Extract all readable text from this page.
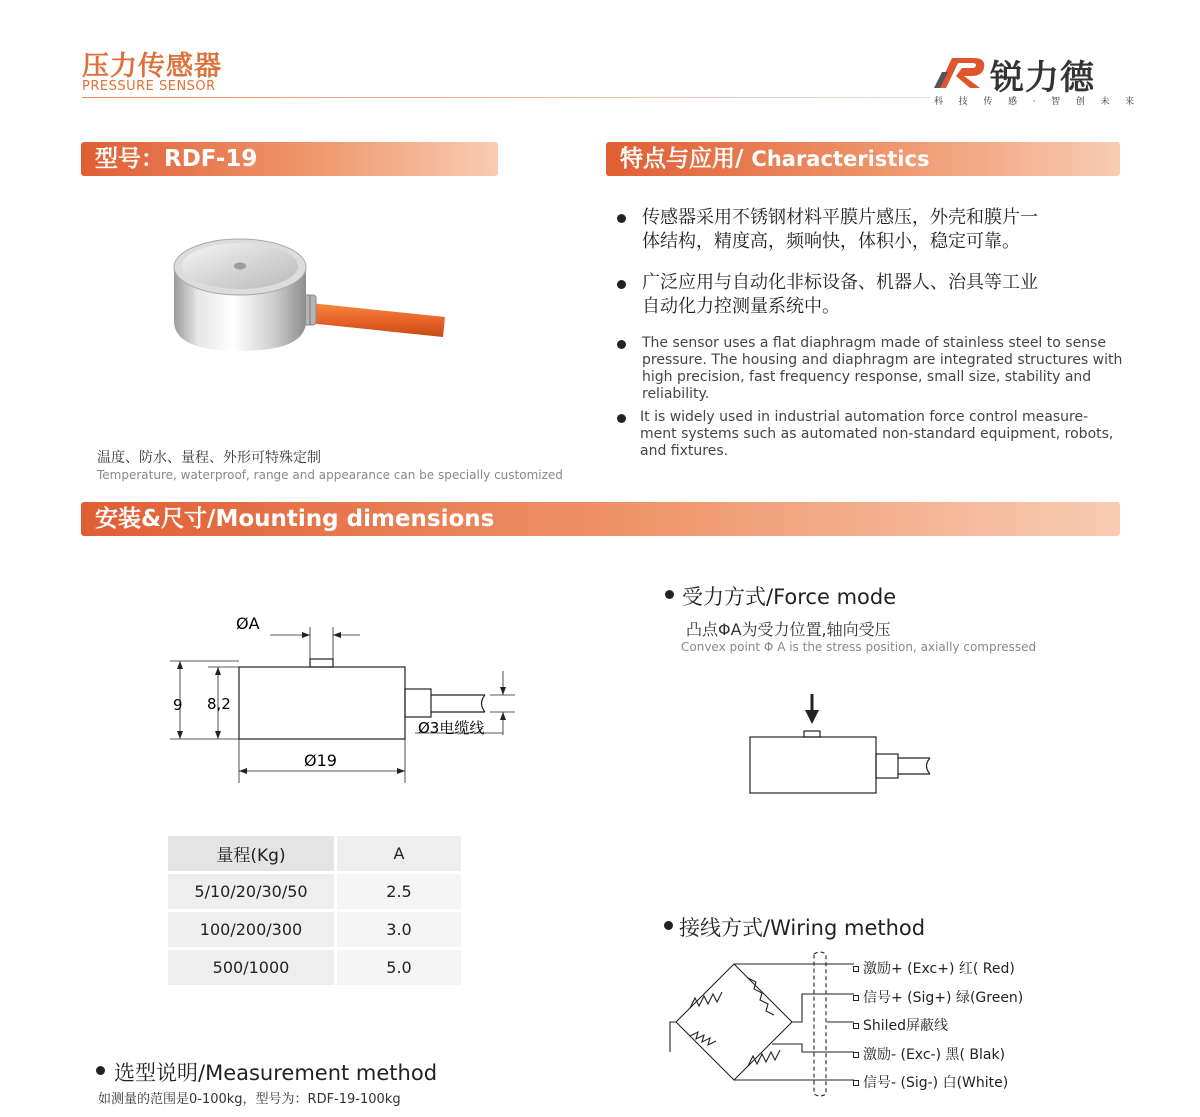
压力传感器
PRESSURE SENSOR	锐力德
科 技 传 感 · 智 创 未 来
型号：RDF-19	特点与应用/ Characteristics
安装&尺寸/Mounting dimensions
温度、防水、量程、外形可特殊定制
Temperature, waterproof, range and appearance can be specially customized
传感器采用不锈钢材料平膜片感压，外壳和膜片一
体结构，精度高，频响快，体积小，稳定可靠。
广泛应用与自动化非标设备、机器人、治具等工业
自动化力控测量系统中。
The sensor uses a flat diaphragm made of stainless steel to sense
pressure. The housing and diaphragm are integrated structures with
high precision, fast frequency response, small size, stability and
reliability.
It is widely used in industrial automation force control measure-
ment systems such as automated non-standard equipment, robots,
and fixtures.
ØA
9 8,2
Ø3电缆线
Ø19
量程(Kg)	A
5/10/20/30/50	2.5
100/200/300	3.0
500/1000	5.0
受力方式/Force mode
凸点ΦA为受力位置,轴向受压
Convex point Φ A is the stress position, axially compressed
接线方式/Wiring method
激励+ (Exc+) 红( Red)
信号+ (Sig+) 绿(Green)
Shiled屏蔽线
激励- (Exc-) 黑( Blak)
信号- (Sig-) 白(White)
选型说明/Measurement method
如测量的范围是0-100kg，型号为：RDF-19-100kg
